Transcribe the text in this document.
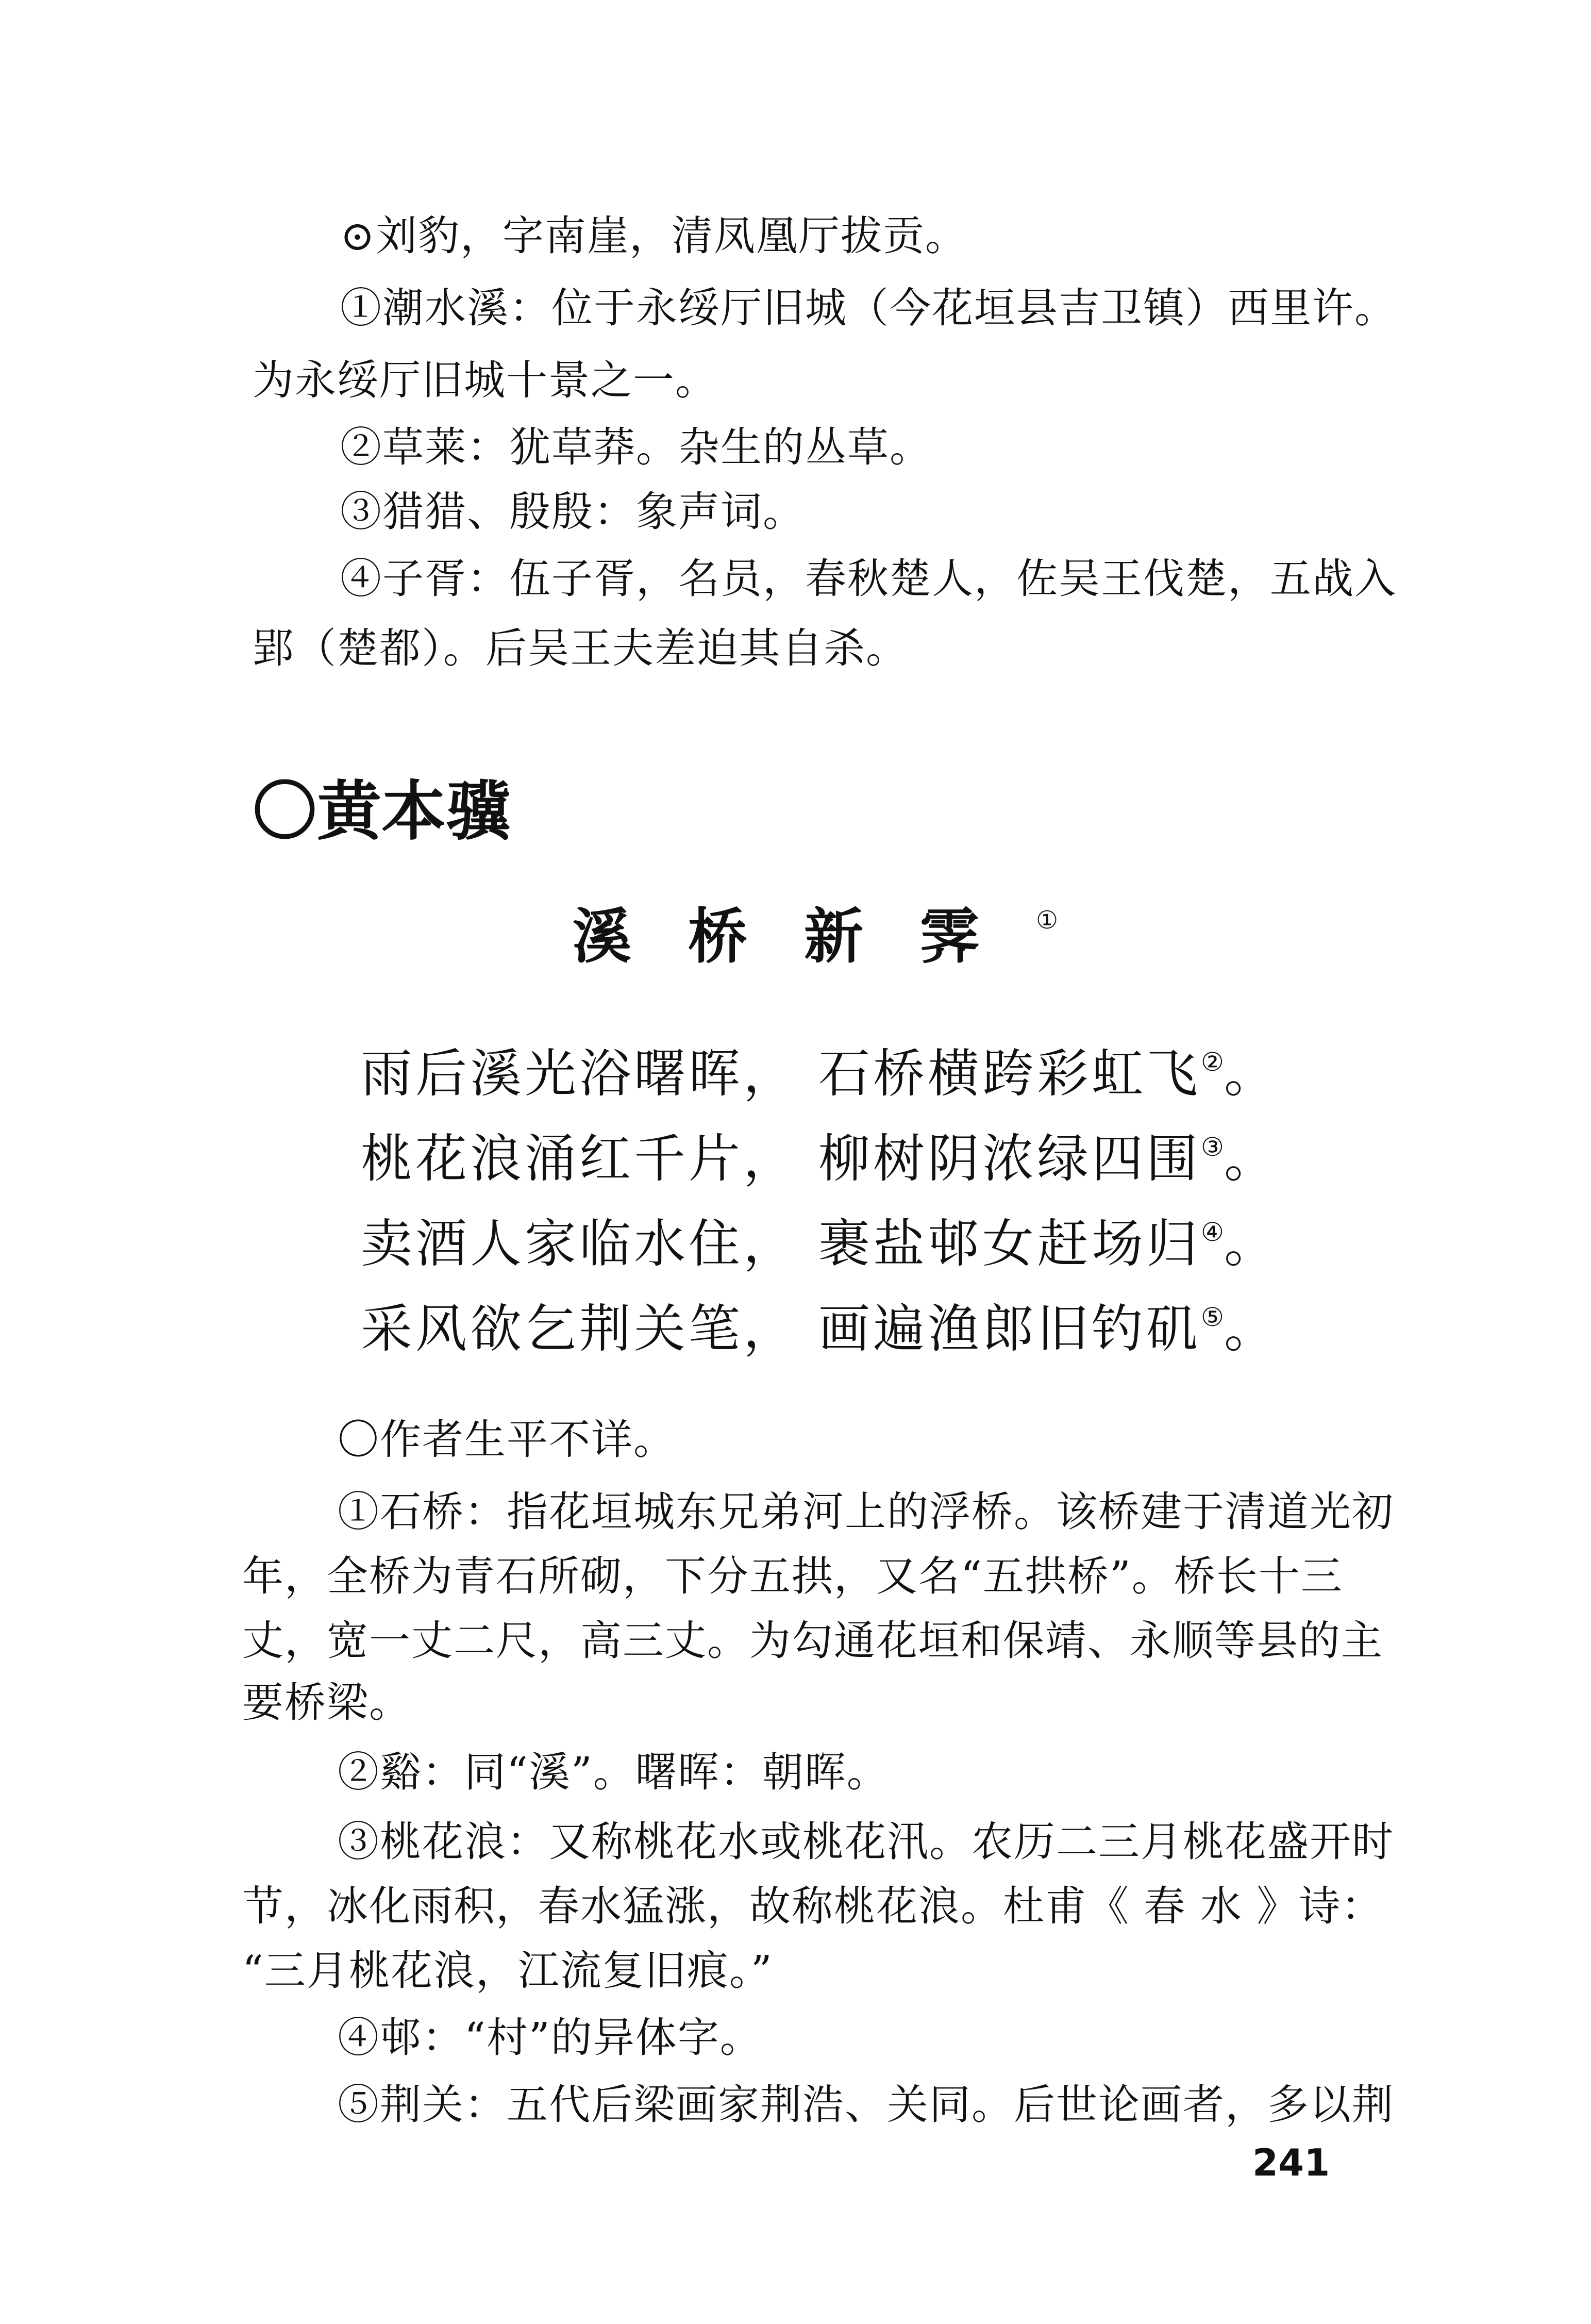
⊙刘豹，字南崖，清凤凰厅拔贡。
①潮水溪：位于永绥厅旧城（今花垣县吉卫镇）西里许。
为永绥厅旧城十景之一。
②草莱：犹草莽。杂生的丛草。
③猎猎、殷殷：象声词。
④子胥：伍子胥，名员，春秋楚人，佐吴王伐楚，五战入
郢（楚都）。后吴王夫差迫其自杀。
〇黄本骥
溪桥新霁①
雨后溪光浴曙晖， 石桥横跨彩虹飞②。
桃花浪涌红千片， 柳树阴浓绿四围③。
卖酒人家临水住， 裹盐邨女赶场归④。
采风欲乞荆关笔， 画遍渔郎旧钓矶⑤。
〇作者生平不详。
①石桥：指花垣城东兄弟河上的浮桥。该桥建于清道光初
年，全桥为青石所砌，下分五拱，又名“五拱桥”。桥长十三
丈，宽一丈二尺，高三丈。为勾通花垣和保靖、永顺等县的主
要桥梁。
②谿：同“溪”。曙晖：朝晖。
③桃花浪：又称桃花水或桃花汛。农历二三月桃花盛开时
节，冰化雨积，春水猛涨，故称桃花浪。杜甫《 春 水 》诗：
“三月桃花浪，江流复旧痕。”
④邨：“村”的异体字。
⑤荆关：五代后梁画家荆浩、关同。后世论画者，多以荆
241
